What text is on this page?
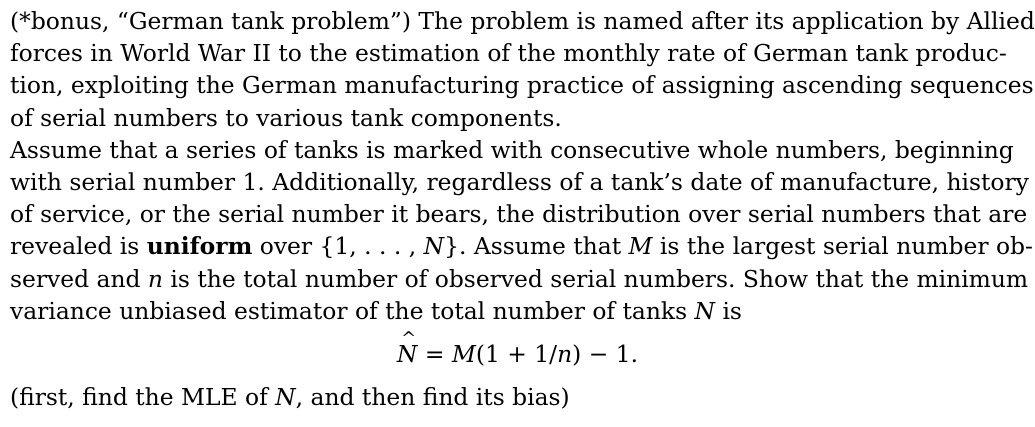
(*bonus, “German tank problem”) The problem is named after its application by Allied
forces in World War II to the estimation of the monthly rate of German tank produc-
tion, exploiting the German manufacturing practice of assigning ascending sequences
of serial numbers to various tank components.
Assume that a series of tanks is marked with consecutive whole numbers, beginning
with serial number 1. Additionally, regardless of a tank’s date of manufacture, history
of service, or the serial number it bears, the distribution over serial numbers that are
revealed is uniform over {1, . . . , N}. Assume that M is the largest serial number ob-
served and n is the total number of observed serial numbers. Show that the minimum
variance unbiased estimator of the total number of tanks N is
^ N = M(1 + 1/n) − 1.
(first, find the MLE of N, and then find its bias)
